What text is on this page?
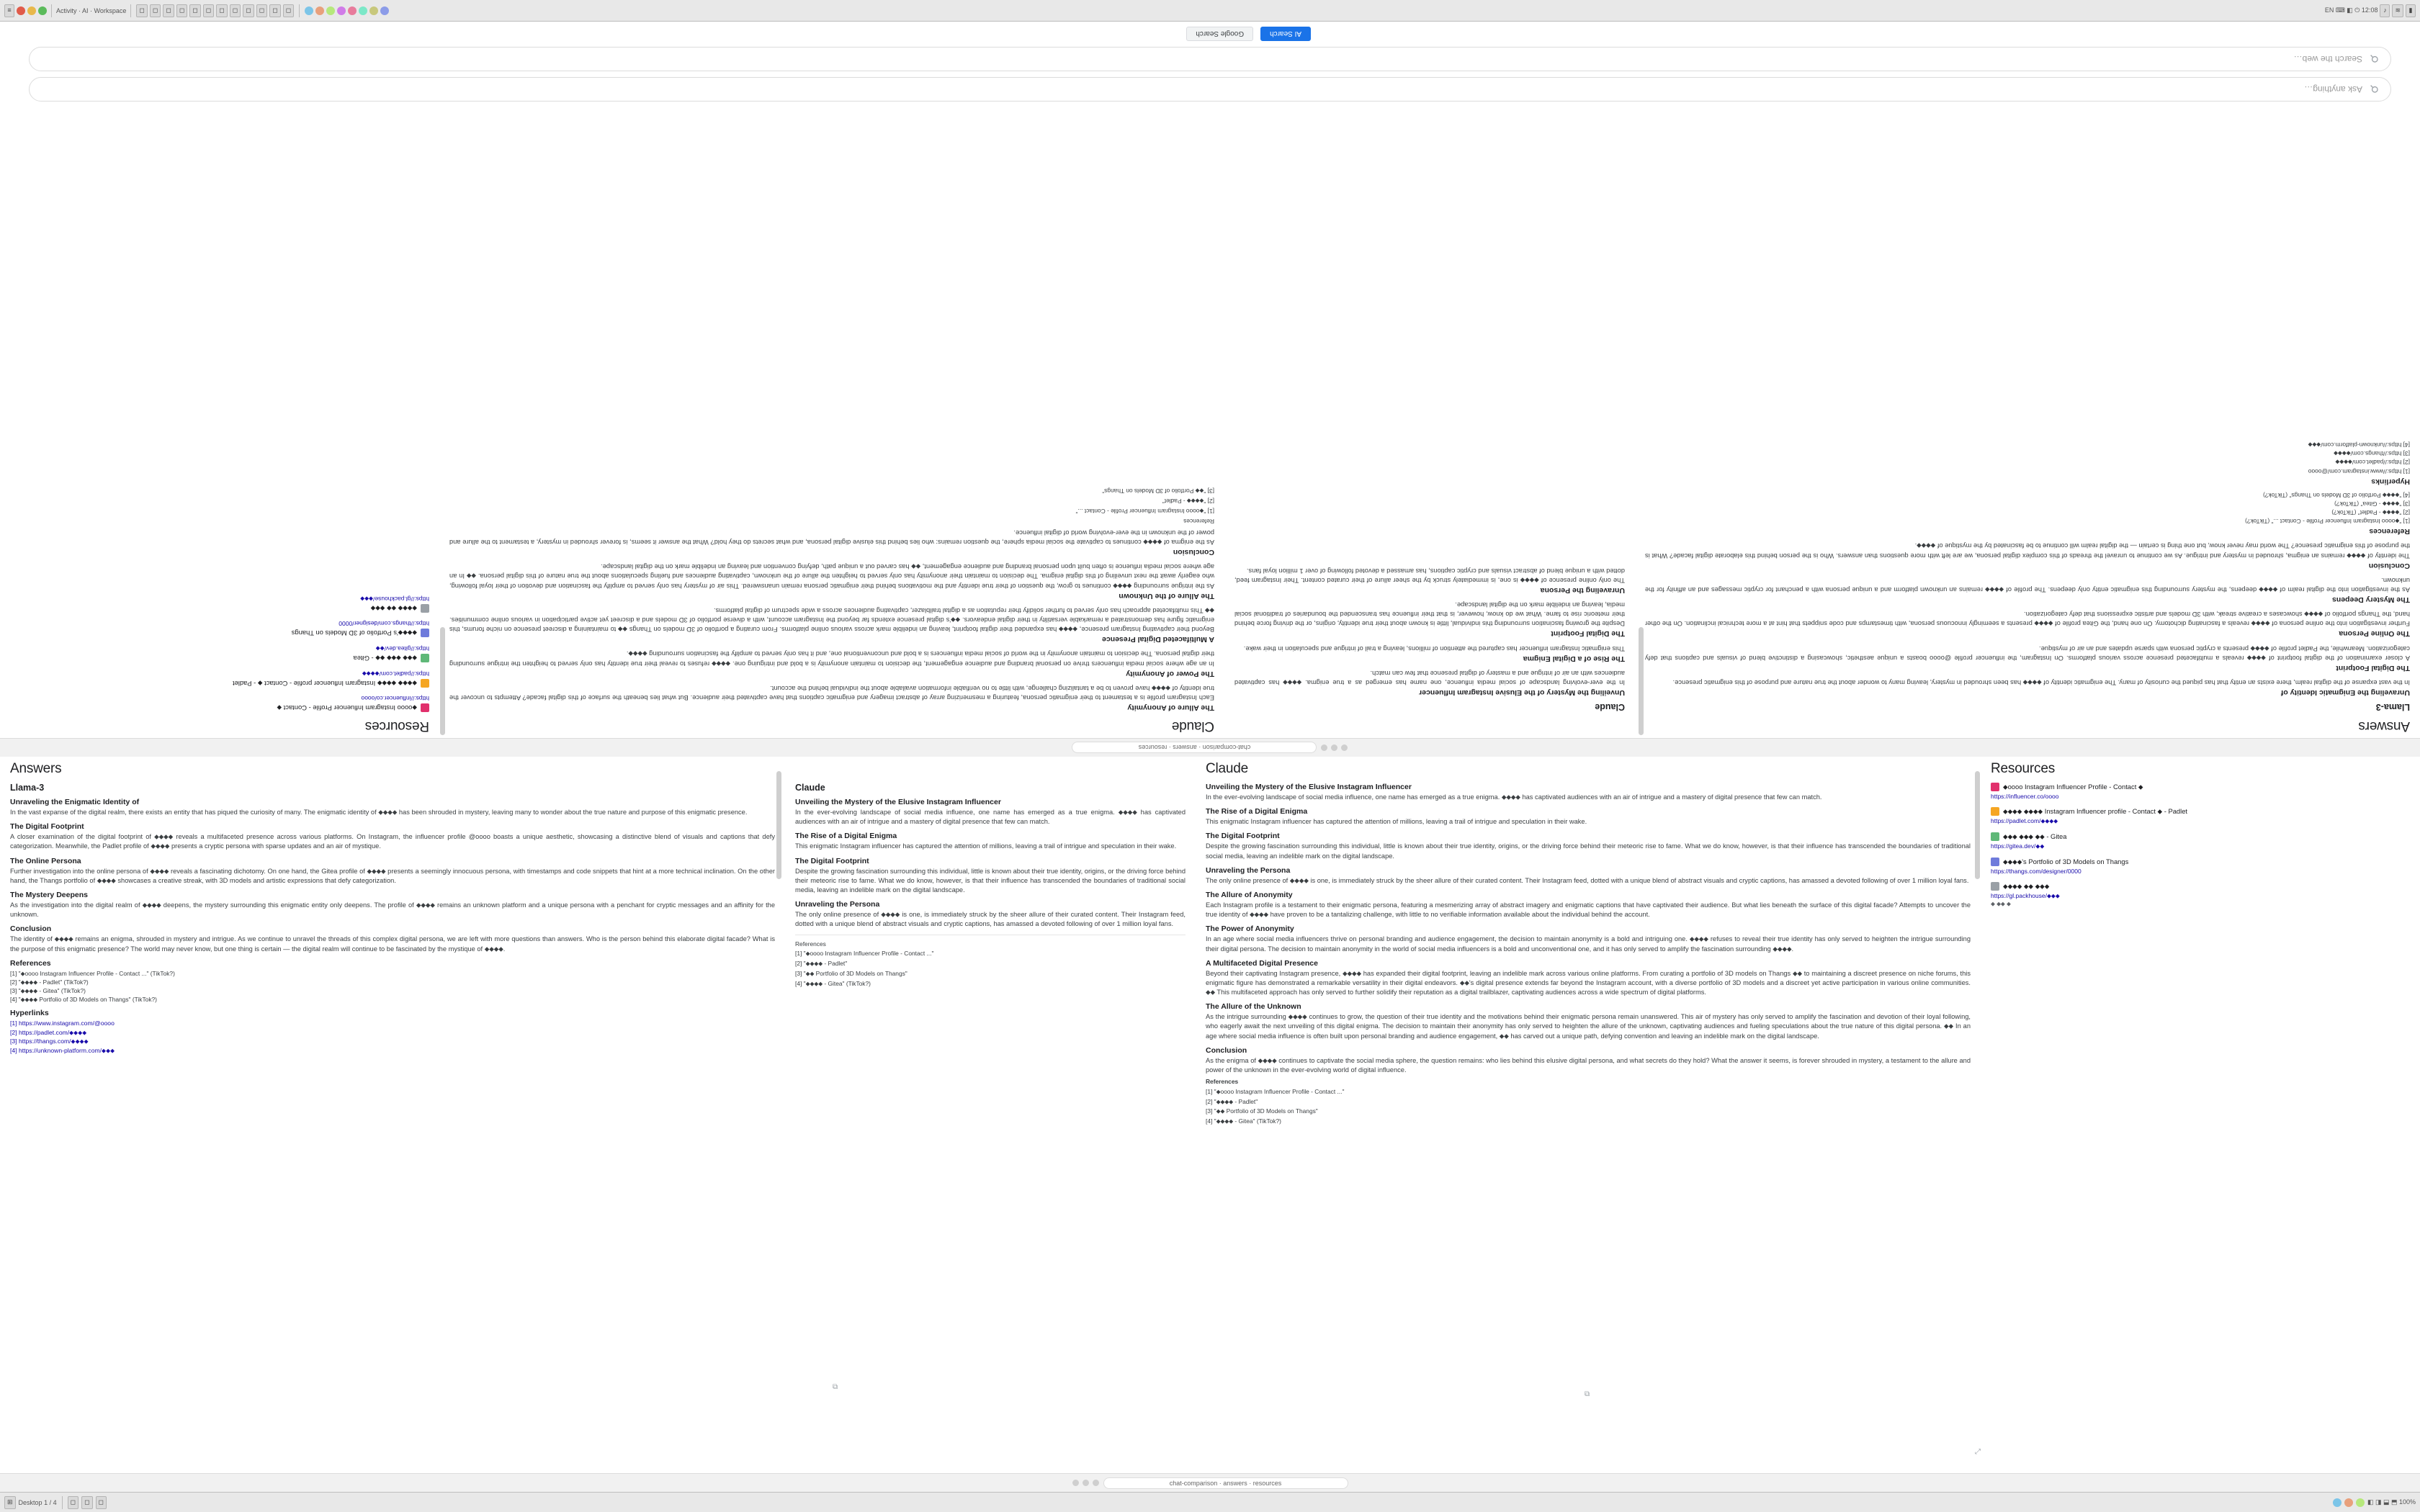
≡	Activity · AI · Workspace	◻	◻	◻	◻	◻	◻	◻	◻	◻	◻	◻	◻	EN ⌨ ◧ ⏻ 12:08 ♪	≋	▮
chat-comparison · answers · resources
Answers
Llama-3
Unraveling the Enigmatic Identity of
In the vast expanse of the digital realm, there exists an entity that has piqued the curiosity of many. The enigmatic identity of ⬥⬥⬥⬥ has been shrouded in mystery, leaving many to wonder about the true nature and purpose of this enigmatic presence.
The Digital Footprint
A closer examination of the digital footprint of ⬥⬥⬥⬥ reveals a multifaceted presence across various platforms. On Instagram, the influencer profile @oooo boasts a unique aesthetic, showcasing a distinctive blend of visuals and captions that defy categorization. Meanwhile, the Padlet profile of ⬥⬥⬥⬥ presents a cryptic persona with sparse updates and an air of mystique.
The Online Persona
Further investigation into the online persona of ⬥⬥⬥⬥ reveals a fascinating dichotomy. On one hand, the Gitea profile of ⬥⬥⬥⬥ presents a seemingly innocuous persona, with timestamps and code snippets that hint at a more technical inclination. On the other hand, the Thangs portfolio of ⬥⬥⬥⬥ showcases a creative streak, with 3D models and artistic expressions that defy categorization.
The Mystery Deepens
As the investigation into the digital realm of ⬥⬥⬥⬥ deepens, the mystery surrounding this enigmatic entity only deepens. The profile of ⬥⬥⬥⬥ remains an unknown platform and a unique persona with a penchant for cryptic messages and an affinity for the unknown.
Conclusion
The identity of ⬥⬥⬥⬥ remains an enigma, shrouded in mystery and intrigue. As we continue to unravel the threads of this complex digital persona, we are left with more questions than answers. Who is the person behind this elaborate digital facade? What is the purpose of this enigmatic presence? The world may never know, but one thing is certain — the digital realm will continue to be fascinated by the mystique of ⬥⬥⬥⬥.
References
[1] "⬥oooo Instagram Influencer Profile - Contact ..." (TikTok?)
[2] "⬥⬥⬥⬥ - Padlet" (TikTok?)
[3] "⬥⬥⬥⬥ - Gitea" (TikTok?)
[4] "⬥⬥⬥⬥ Portfolio of 3D Models on Thangs" (TikTok?)
Hyperlinks
[1] https://www.instagram.com/@oooo
[2] https://padlet.com/⬥⬥⬥⬥
[3] https://thangs.com/⬥⬥⬥⬥
[4] https://unknown-platform.com/⬥⬥⬥
Claude
Unveiling the Mystery of the Elusive Instagram Influencer
In the ever-evolving landscape of social media influence, one name has emerged as a true enigma. ⬥⬥⬥⬥ has captivated audiences with an air of intrigue and a mastery of digital presence that few can match.
The Rise of a Digital Enigma
This enigmatic Instagram influencer has captured the attention of millions, leaving a trail of intrigue and speculation in their wake.
The Digital Footprint
Despite the growing fascination surrounding this individual, little is known about their true identity, origins, or the driving force behind their meteoric rise to fame. What we do know, however, is that their influence has transcended the boundaries of traditional social media, leaving an indelible mark on the digital landscape.
Unraveling the Persona
The only online presence of ⬥⬥⬥⬥ is one, is immediately struck by the sheer allure of their curated content. Their Instagram feed, dotted with a unique blend of abstract visuals and cryptic captions, has amassed a devoted following of over 1 million loyal fans.
Claude
The Allure of Anonymity
Each Instagram profile is a testament to their enigmatic persona, featuring a mesmerizing array of abstract imagery and enigmatic captions that have captivated their audience. But what lies beneath the surface of this digital facade? Attempts to uncover the true identity of ⬥⬥⬥⬥ have proven to be a tantalizing challenge, with little to no verifiable information available about the individual behind the account.
The Power of Anonymity
In an age where social media influencers thrive on personal branding and audience engagement, the decision to maintain anonymity is a bold and intriguing one. ⬥⬥⬥⬥ refuses to reveal their true identity has only served to heighten the intrigue surrounding their digital persona. The decision to maintain anonymity in the world of social media influencers is a bold and unconventional one, and it has only served to amplify the fascination surrounding ⬥⬥⬥⬥.
A Multifaceted Digital Presence
Beyond their captivating Instagram presence, ⬥⬥⬥⬥ has expanded their digital footprint, leaving an indelible mark across various online platforms. From curating a portfolio of 3D models on Thangs ⬥⬥ to maintaining a discreet presence on niche forums, this enigmatic figure has demonstrated a remarkable versatility in their digital endeavors. ⬥⬥'s digital presence extends far beyond the Instagram account, with a diverse portfolio of 3D models and a discreet yet active participation in various online communities. ⬥⬥ This multifaceted approach has only served to further solidify their reputation as a digital trailblazer, captivating audiences across a wide spectrum of digital platforms.
The Allure of the Unknown
As the intrigue surrounding ⬥⬥⬥⬥ continues to grow, the question of their true identity and the motivations behind their enigmatic persona remain unanswered. This air of mystery has only served to amplify the fascination and devotion of their loyal following, who eagerly await the next unveiling of this digital enigma. The decision to maintain their anonymity has only served to heighten the allure of the unknown, captivating audiences and fueling speculations about the true nature of this digital persona. ⬥⬥ In an age where social media influence is often built upon personal branding and audience engagement, ⬥⬥ has carved out a unique path, defying convention and leaving an indelible mark on the digital landscape.
Conclusion
As the enigma of ⬥⬥⬥⬥ continues to captivate the social media sphere, the question remains: who lies behind this elusive digital persona, and what secrets do they hold? What the answer it seems, is forever shrouded in mystery, a testament to the allure and power of the unknown in the ever-evolving world of digital influence.
References
[1] "⬥oooo Instagram Influencer Profile - Contact ..."
[2] "⬥⬥⬥⬥ - Padlet"
[3] "⬥⬥ Portfolio of 3D Models on Thangs"
Resources
⬥oooo Instagram Influencer Profile - Contact ⬥
https://influencer.co/oooo
⬥⬥⬥⬥ ⬥⬥⬥⬥ Instagram Influencer profile - Contact ⬥ - Padlet
https://padlet.com/⬥⬥⬥⬥
⬥⬥⬥ ⬥⬥⬥ ⬥⬥ - Gitea
https://gitea.dev/⬥⬥
⬥⬥⬥⬥'s Portfolio of 3D Models on Thangs
https://thangs.com/designer/0000
⬥⬥⬥⬥ ⬥⬥ ⬥⬥⬥
https://gl.packhouse/⬥⬥⬥
Ask anything…
Search the web…
AI Search
Google Search
Answers
Llama-3
Unraveling the Enigmatic Identity of
In the vast expanse of the digital realm, there exists an entity that has piqued the curiosity of many. The enigmatic identity of ⬥⬥⬥⬥ has been shrouded in mystery, leaving many to wonder about the true nature and purpose of this enigmatic presence.
The Digital Footprint
A closer examination of the digital footprint of ⬥⬥⬥⬥ reveals a multifaceted presence across various platforms. On Instagram, the influencer profile @oooo boasts a unique aesthetic, showcasing a distinctive blend of visuals and captions that defy categorization. Meanwhile, the Padlet profile of ⬥⬥⬥⬥ presents a cryptic persona with sparse updates and an air of mystique.
The Online Persona
Further investigation into the online persona of ⬥⬥⬥⬥ reveals a fascinating dichotomy. On one hand, the Gitea profile of ⬥⬥⬥⬥ presents a seemingly innocuous persona, with timestamps and code snippets that hint at a more technical inclination. On the other hand, the Thangs portfolio of ⬥⬥⬥⬥ showcases a creative streak, with 3D models and artistic expressions that defy categorization.
The Mystery Deepens
As the investigation into the digital realm of ⬥⬥⬥⬥ deepens, the mystery surrounding this enigmatic entity only deepens. The profile of ⬥⬥⬥⬥ remains an unknown platform and a unique persona with a penchant for cryptic messages and an affinity for the unknown.
Conclusion
The identity of ⬥⬥⬥⬥ remains an enigma, shrouded in mystery and intrigue. As we continue to unravel the threads of this complex digital persona, we are left with more questions than answers. Who is the person behind this elaborate digital facade? What is the purpose of this enigmatic presence? The world may never know, but one thing is certain — the digital realm will continue to be fascinated by the mystique of ⬥⬥⬥⬥.
References
[1] "⬥oooo Instagram Influencer Profile - Contact ..." (TikTok?)
[2] "⬥⬥⬥⬥ - Padlet" (TikTok?)
[3] "⬥⬥⬥⬥ - Gitea" (TikTok?)
[4] "⬥⬥⬥⬥ Portfolio of 3D Models on Thangs" (TikTok?)
Hyperlinks
[1] https://www.instagram.com/@oooo
[2] https://padlet.com/⬥⬥⬥⬥
[3] https://thangs.com/⬥⬥⬥⬥
[4] https://unknown-platform.com/⬥⬥⬥
Claude
Unveiling the Mystery of the Elusive Instagram Influencer
In the ever-evolving landscape of social media influence, one name has emerged as a true enigma. ⬥⬥⬥⬥ has captivated audiences with an air of intrigue and a mastery of digital presence that few can match.
The Rise of a Digital Enigma
This enigmatic Instagram influencer has captured the attention of millions, leaving a trail of intrigue and speculation in their wake.
The Digital Footprint
Despite the growing fascination surrounding this individual, little is known about their true identity, origins, or the driving force behind their meteoric rise to fame. What we do know, however, is that their influence has transcended the boundaries of traditional social media, leaving an indelible mark on the digital landscape.
Unraveling the Persona
The only online presence of ⬥⬥⬥⬥ is one, is immediately struck by the sheer allure of their curated content. Their Instagram feed, dotted with a unique blend of abstract visuals and cryptic captions, has amassed a devoted following of over 1 million loyal fans.
References
[1] "⬥oooo Instagram Influencer Profile - Contact ..."
[2] "⬥⬥⬥⬥ - Padlet"
[3] "⬥⬥ Portfolio of 3D Models on Thangs"
[4] "⬥⬥⬥⬥ - Gitea" (TikTok?)
Claude
Unveiling the Mystery of the Elusive Instagram Influencer
In the ever-evolving landscape of social media influence, one name has emerged as a true enigma. ⬥⬥⬥⬥ has captivated audiences with an air of intrigue and a mastery of digital presence that few can match.
The Rise of a Digital Enigma
This enigmatic Instagram influencer has captured the attention of millions, leaving a trail of intrigue and speculation in their wake.
The Digital Footprint
Despite the growing fascination surrounding this individual, little is known about their true identity, origins, or the driving force behind their meteoric rise to fame. What we do know, however, is that their influence has transcended the boundaries of traditional social media, leaving an indelible mark on the digital landscape.
Unraveling the Persona
The only online presence of ⬥⬥⬥⬥ is one, is immediately struck by the sheer allure of their curated content. Their Instagram feed, dotted with a unique blend of abstract visuals and cryptic captions, has amassed a devoted following of over 1 million loyal fans.
The Allure of Anonymity
Each Instagram profile is a testament to their enigmatic persona, featuring a mesmerizing array of abstract imagery and enigmatic captions that have captivated their audience. But what lies beneath the surface of this digital facade? Attempts to uncover the true identity of ⬥⬥⬥⬥ have proven to be a tantalizing challenge, with little to no verifiable information available about the individual behind the account.
The Power of Anonymity
In an age where social media influencers thrive on personal branding and audience engagement, the decision to maintain anonymity is a bold and intriguing one. ⬥⬥⬥⬥ refuses to reveal their true identity has only served to heighten the intrigue surrounding their digital persona. The decision to maintain anonymity in the world of social media influencers is a bold and unconventional one, and it has only served to amplify the fascination surrounding ⬥⬥⬥⬥.
A Multifaceted Digital Presence
Beyond their captivating Instagram presence, ⬥⬥⬥⬥ has expanded their digital footprint, leaving an indelible mark across various online platforms. From curating a portfolio of 3D models on Thangs ⬥⬥ to maintaining a discreet presence on niche forums, this enigmatic figure has demonstrated a remarkable versatility in their digital endeavors. ⬥⬥'s digital presence extends far beyond the Instagram account, with a diverse portfolio of 3D models and a discreet yet active participation in various online communities. ⬥⬥ This multifaceted approach has only served to further solidify their reputation as a digital trailblazer, captivating audiences across a wide spectrum of digital platforms.
The Allure of the Unknown
As the intrigue surrounding ⬥⬥⬥⬥ continues to grow, the question of their true identity and the motivations behind their enigmatic persona remain unanswered. This air of mystery has only served to amplify the fascination and devotion of their loyal following, who eagerly await the next unveiling of this digital enigma. The decision to maintain their anonymity has only served to heighten the allure of the unknown, captivating audiences and fueling speculations about the true nature of this digital persona. ⬥⬥ In an age where social media influence is often built upon personal branding and audience engagement, ⬥⬥ has carved out a unique path, defying convention and leaving an indelible mark on the digital landscape.
Conclusion
As the enigma of ⬥⬥⬥⬥ continues to captivate the social media sphere, the question remains: who lies behind this elusive digital persona, and what secrets do they hold? What the answer it seems, is forever shrouded in mystery, a testament to the allure and power of the unknown in the ever-evolving world of digital influence.
References
[1] "⬥oooo Instagram Influencer Profile - Contact ..."
[2] "⬥⬥⬥⬥ - Padlet"
[3] "⬥⬥ Portfolio of 3D Models on Thangs"
[4] "⬥⬥⬥⬥ - Gitea" (TikTok?)
Resources
⬥oooo Instagram Influencer Profile - Contact ⬥
https://influencer.co/oooo
⬥⬥⬥⬥ ⬥⬥⬥⬥ Instagram Influencer profile - Contact ⬥ - Padlet
https://padlet.com/⬥⬥⬥⬥
⬥⬥⬥ ⬥⬥⬥ ⬥⬥ - Gitea
https://gitea.dev/⬥⬥
⬥⬥⬥⬥'s Portfolio of 3D Models on Thangs
https://thangs.com/designer/0000
⬥⬥⬥⬥ ⬥⬥ ⬥⬥⬥
https://gl.packhouse/⬥⬥⬥
⬥ ⬥⬥ ⬥
chat-comparison · answers · resources
⧉
⧉
⤢
⊞ Desktop 1 / 4	◻	◻	◻	◧ ◨ ⬓ ⬒ 100%
